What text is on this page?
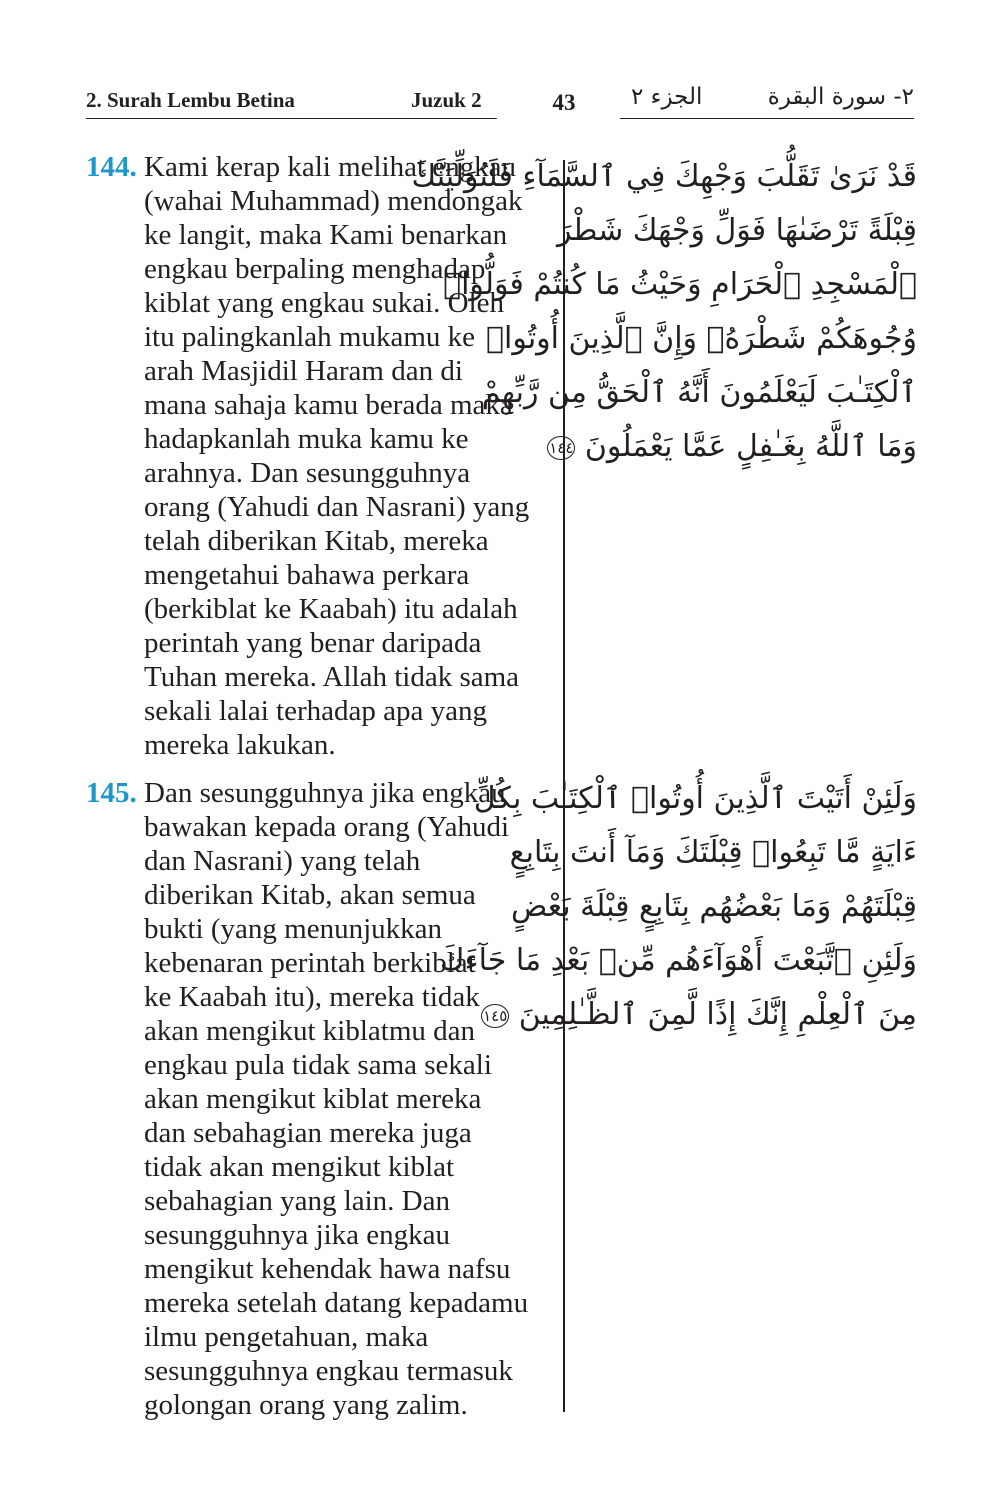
2. Surah Lembu Betina	Juzuk 2	43	الجزء ٢	٢- سورة البقرة
144. Kami kerap kali melihat engkau
(wahai Muhammad) mendongak
ke langit, maka Kami benarkan
engkau berpaling menghadap
kiblat yang engkau sukai. Oleh
itu palingkanlah mukamu ke
arah Masjidil Haram dan di
mana sahaja kamu berada maka
hadapkanlah muka kamu ke
arahnya. Dan sesungguhnya
orang (Yahudi dan Nasrani) yang
telah diberikan Kitab, mereka
mengetahui bahawa perkara
(berkiblat ke Kaabah) itu adalah
perintah yang benar daripada
Tuhan mereka. Allah tidak sama
sekali lalai terhadap apa yang
mereka lakukan.
قَدْ نَرَىٰ تَقَلُّبَ وَجْهِكَ فِي ٱلسَّمَآءِ فَلَنُوَلِّيَنَّكَ
قِبْلَةً تَرْضَىٰهَا فَوَلِّ وَجْهَكَ شَطْرَ
ٱلْمَسْجِدِ ٱلْحَرَامِ وَحَيْثُ مَا كُنتُمْ فَوَلُّوا۟
وُجُوهَكُمْ شَطْرَهُۥ وَإِنَّ ٱلَّذِينَ أُوتُوا۟
ٱلْكِتَـٰبَ لَيَعْلَمُونَ أَنَّهُ ٱلْحَقُّ مِن رَّبِّهِمْ
وَمَا ٱللَّهُ بِغَـٰفِلٍ عَمَّا يَعْمَلُونَ ١٤٤
145. Dan sesungguhnya jika engkau
bawakan kepada orang (Yahudi
dan Nasrani) yang telah
diberikan Kitab, akan semua
bukti (yang menunjukkan
kebenaran perintah berkiblat
ke Kaabah itu), mereka tidak
akan mengikut kiblatmu dan
engkau pula tidak sama sekali
akan mengikut kiblat mereka
dan sebahagian mereka juga
tidak akan mengikut kiblat
sebahagian yang lain. Dan
sesungguhnya jika engkau
mengikut kehendak hawa nafsu
mereka setelah datang kepadamu
ilmu pengetahuan, maka
sesungguhnya engkau termasuk
golongan orang yang zalim.
وَلَئِنْ أَتَيْتَ ٱلَّذِينَ أُوتُوا۟ ٱلْكِتَـٰبَ بِكُلِّ
ءَايَةٍ مَّا تَبِعُوا۟ قِبْلَتَكَ وَمَآ أَنتَ بِتَابِعٍ
قِبْلَتَهُمْ وَمَا بَعْضُهُم بِتَابِعٍ قِبْلَةَ بَعْضٍ
وَلَئِنِ ٱتَّبَعْتَ أَهْوَآءَهُم مِّنۢ بَعْدِ مَا جَآءَكَ
مِنَ ٱلْعِلْمِ إِنَّكَ إِذًا لَّمِنَ ٱلظَّـٰلِمِينَ ١٤٥
